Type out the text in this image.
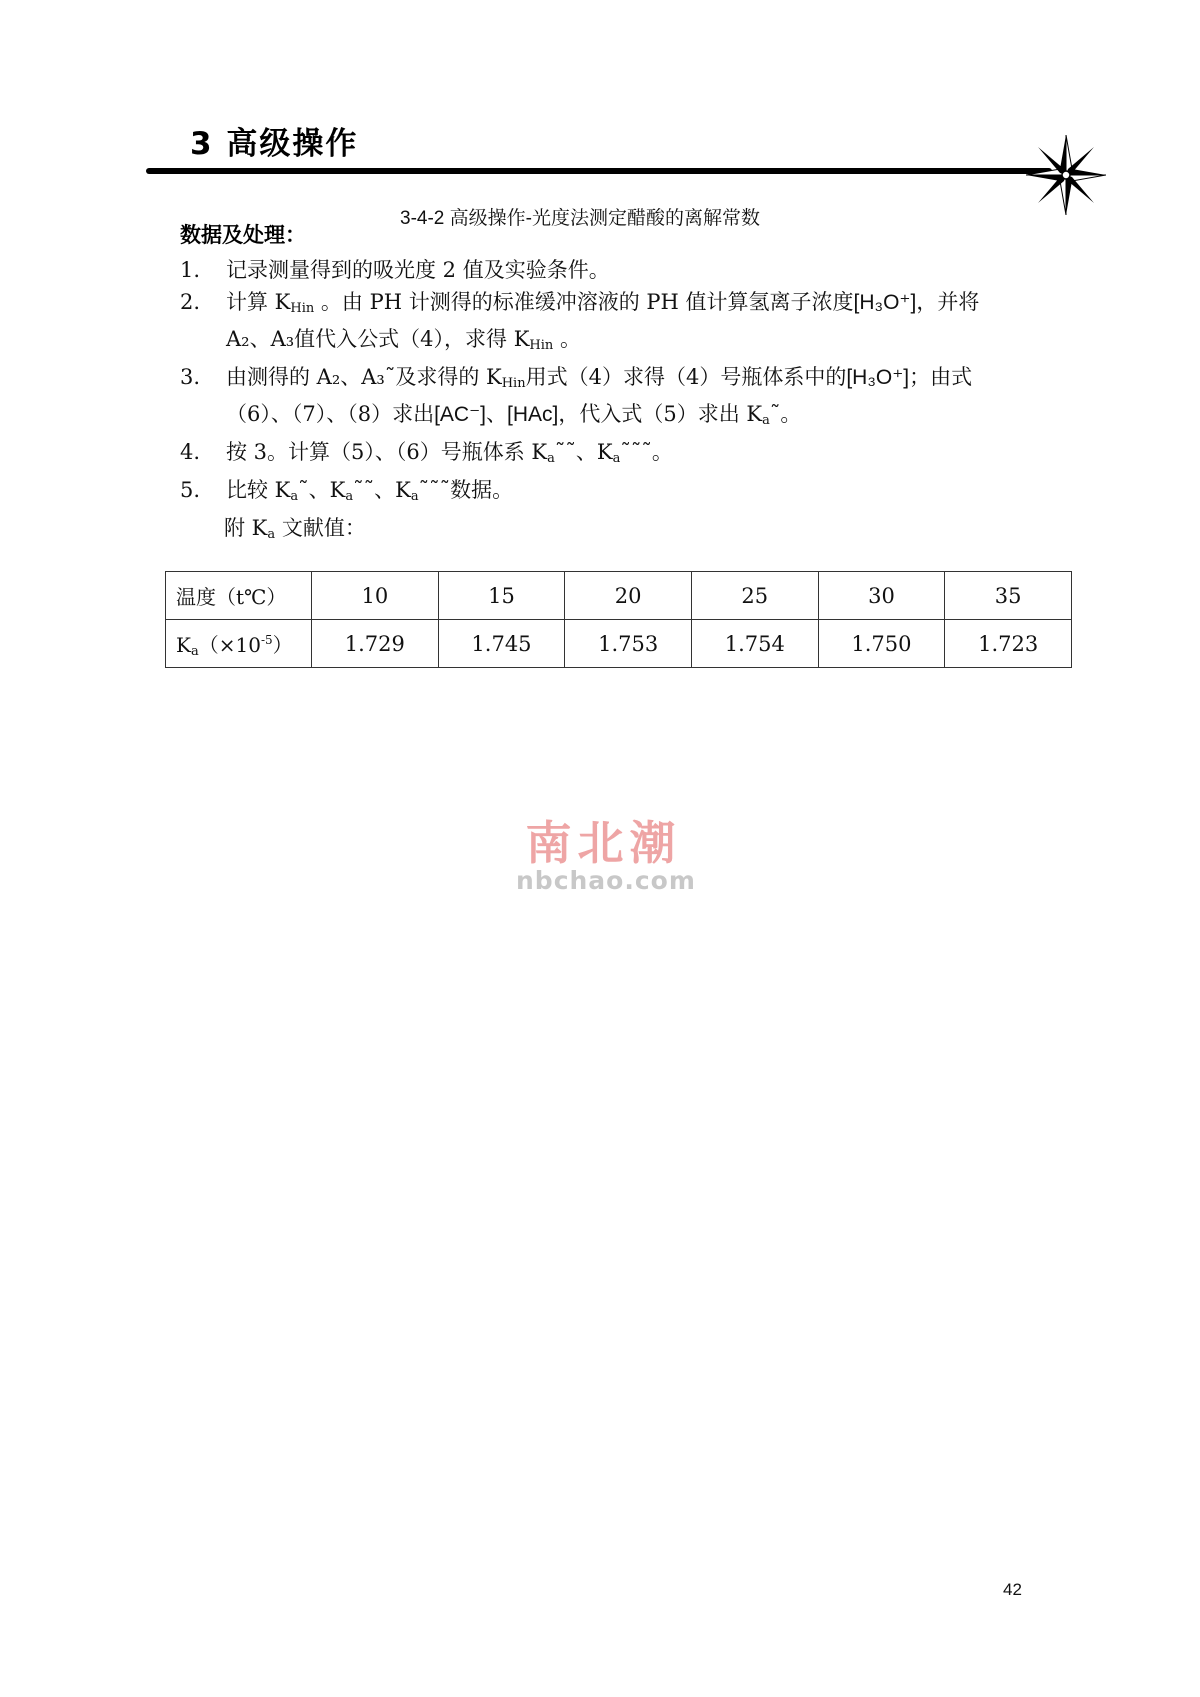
3 高级操作
3-4-2 高级操作-光度法测定醋酸的离解常数
数据及处理：
1.	记录测量得到的吸光度 2 值及实验条件。
2.	计算 $K_{Hin}$ 。由 PH 计测得的标准缓冲溶液的 PH 值计算氢离子浓度[H₃O⁺]，并将
A₂、A₃值代入公式（4），求得 $K_{Hin}$ 。
3.	由测得的 A₂、A₃˜及求得的 $K_{Hin}$用式（4）求得（4）号瓶体系中的[H₃O⁺]；由式
（6）、（7）、（8）求出[AC⁻]、[HAc]，代入式（5）求出 $K_a˜$。
4.	按 3。计算（5）、（6）号瓶体系 $K_a˜˜$、$K_a˜˜˜$。
5.	比较 $K_a˜$、$K_a˜˜$、$K_a˜˜˜$数据。
附 $K_a$ 文献值：
温度（t℃）	10	15	20	25	30	35
$K_a(\times 10^{-5})$	1.729	1.745	1.753	1.754	1.750	1.723
南北潮
nbchao.com
42
